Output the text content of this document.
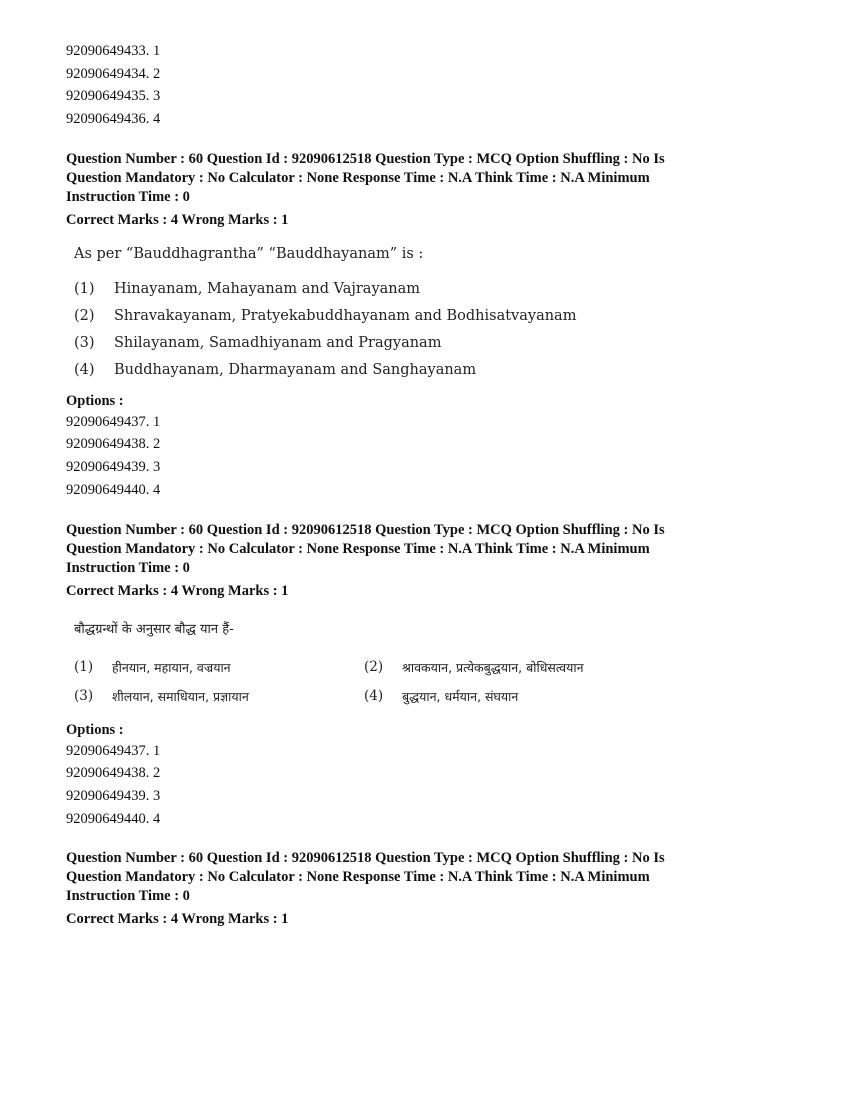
92090649433. 1
92090649434. 2
92090649435. 3
92090649436. 4
Question Number : 60 Question Id : 92090612518 Question Type : MCQ Option Shuffling : No Is
Question Mandatory : No Calculator : None Response Time : N.A Think Time : N.A Minimum
Instruction Time : 0
Correct Marks : 4 Wrong Marks : 1
As per “Bauddhagrantha” “Bauddhayanam” is :
(1)	Hinayanam, Mahayanam and Vajrayanam
(2)	Shravakayanam, Pratyekabuddhayanam and Bodhisatvayanam
(3)	Shilayanam, Samadhiyanam and Pragyanam
(4)	Buddhayanam, Dharmayanam and Sanghayanam
Options :
92090649437. 1
92090649438. 2
92090649439. 3
92090649440. 4
Question Number : 60 Question Id : 92090612518 Question Type : MCQ Option Shuffling : No Is
Question Mandatory : No Calculator : None Response Time : N.A Think Time : N.A Minimum
Instruction Time : 0
Correct Marks : 4 Wrong Marks : 1
बौद्धग्रन्थों के अनुसार बौद्ध यान हैं-
(1)	हीनयान, महायान, वज्रयान	(2)	श्रावकयान, प्रत्येकबुद्धयान, बोधिसत्वयान
(3)	शीलयान, समाधियान, प्रज्ञायान	(4)	बुद्धयान, धर्मयान, संघयान
Options :
92090649437. 1
92090649438. 2
92090649439. 3
92090649440. 4
Question Number : 60 Question Id : 92090612518 Question Type : MCQ Option Shuffling : No Is
Question Mandatory : No Calculator : None Response Time : N.A Think Time : N.A Minimum
Instruction Time : 0
Correct Marks : 4 Wrong Marks : 1
